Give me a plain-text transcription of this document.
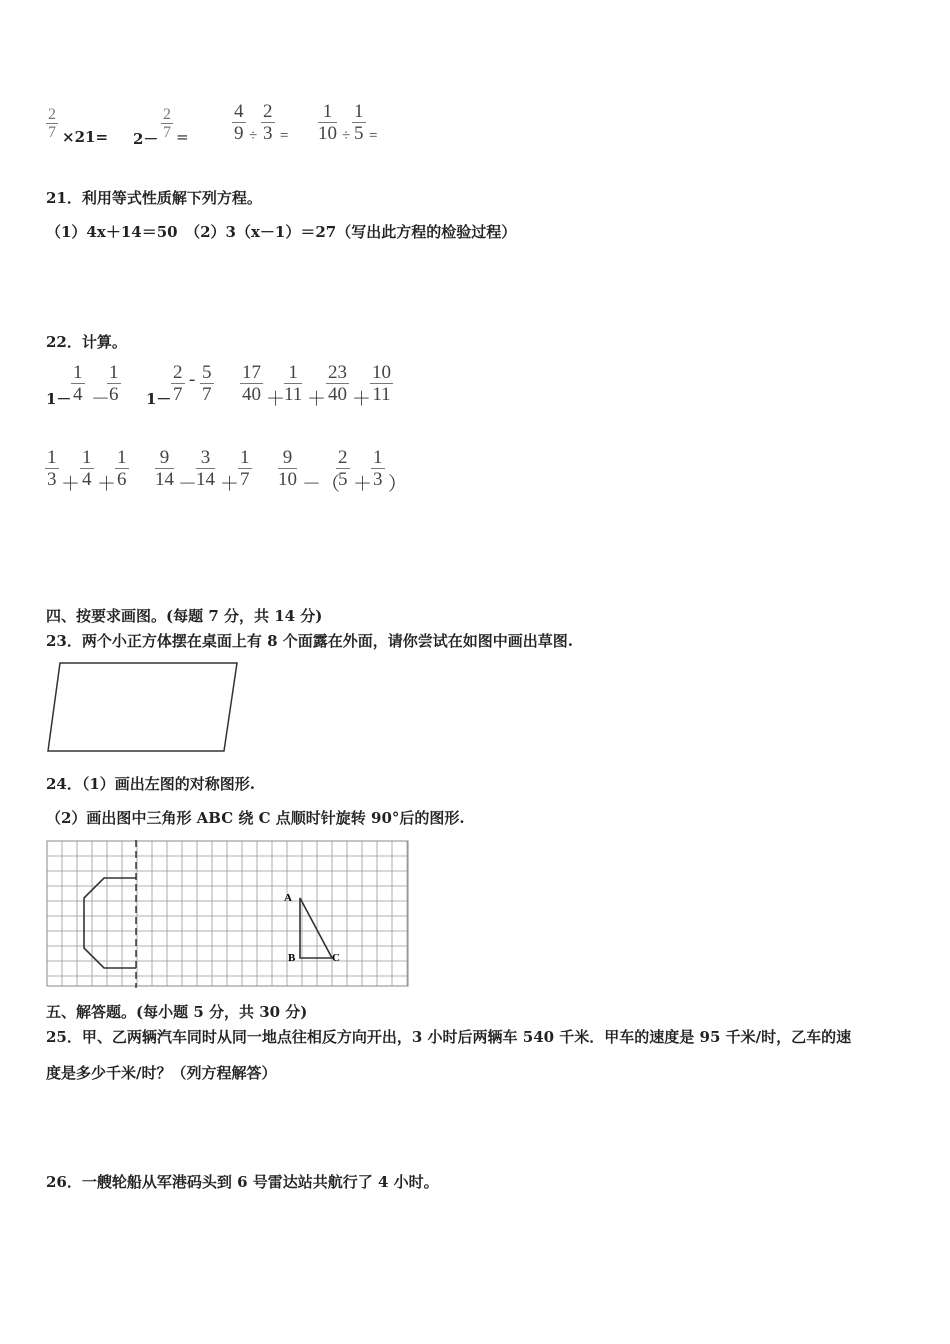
$\frac{2}{7} \times 21= 2- \frac{2}{7} = \frac{4}{9} \div \frac{2}{3} = \frac{1}{10} \div \frac{1}{5}$ =
21．利用等式性质解下列方程。
（1）4x＋14＝50　（2）3（x－1）＝27（写出此方程的检验过程）
22．计算。
$1- \frac{1}{4}$ －
$\frac{1}{6} 1- \frac{2}{7} - \frac{5}{7} \frac{17}{40}$ ＋
$\frac{1}{11} + \frac{23}{40}$ ＋
$\frac{10}{11}$
$\frac{1}{3} + \frac{1}{4}$ ＋
$\frac{1}{6} \frac{9}{14}$ －
$\frac{3}{14}$ ＋
$\frac{1}{7} \frac{9}{10}$ －（
$\frac{2}{5}$ ＋
$\frac{1}{3}$ ）
四、按要求画图。(每题 7 分，共 14 分)
23．两个小正方体摆在桌面上有 8 个面露在外面，请你尝试在如图中画出草图.
24．（1）画出左图的对称图形.
（2）画出图中三角形 ABC 绕 C 点顺时针旋转 90°后的图形.
A
B	C
五、解答题。(每小题 5 分，共 30 分)
25．甲、乙两辆汽车同时从同一地点往相反方向开出，3 小时后两辆车 540 千米．甲车的速度是 95 千米/时，乙车的速
度是多少千米/时？（列方程解答）
26．一艘轮船从军港码头到 6 号雷达站共航行了 4 小时。
